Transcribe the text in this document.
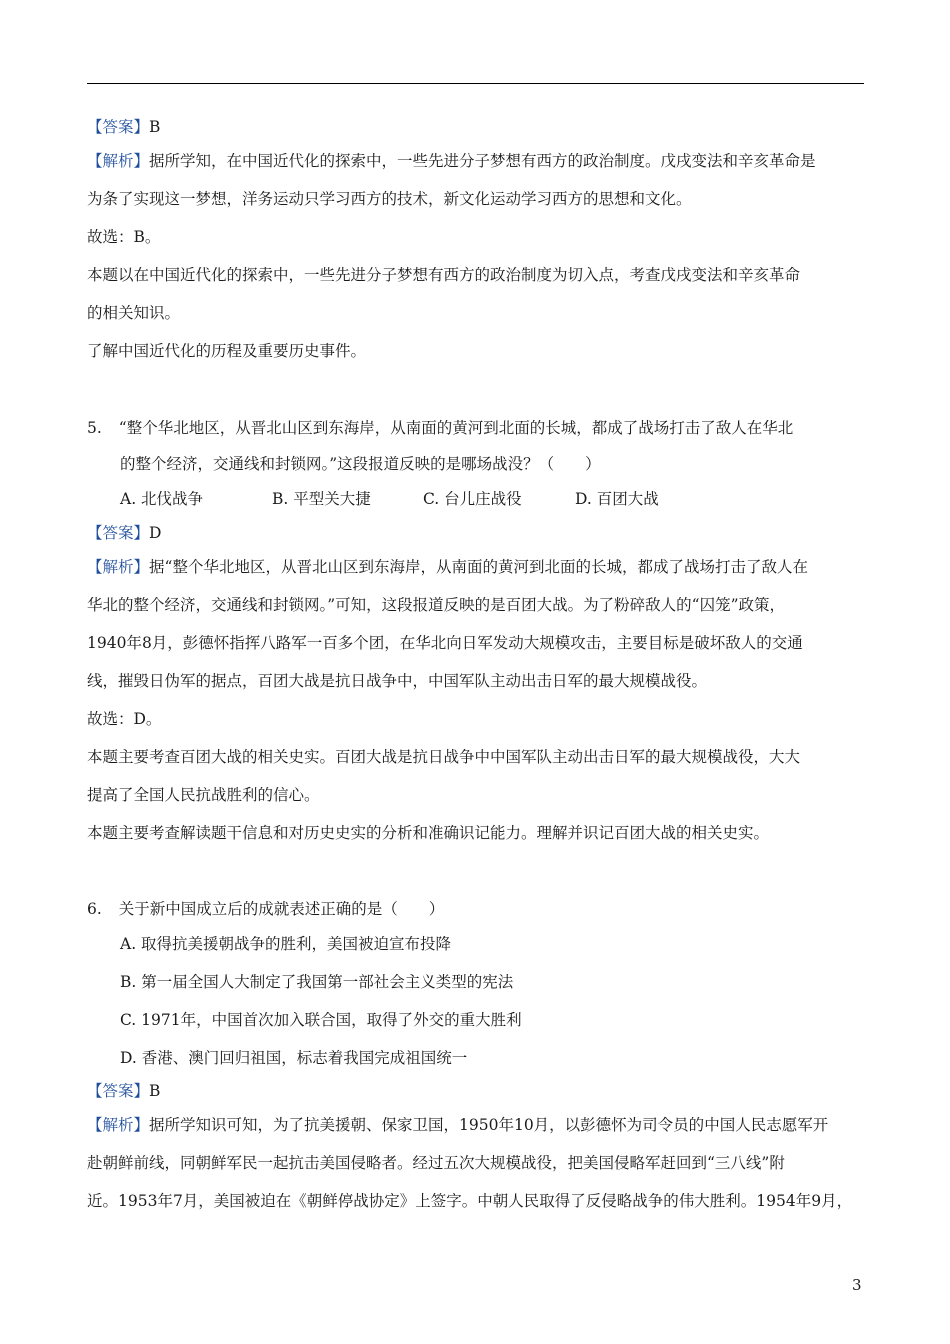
【答案】B
【解析】据所学知，在中国近代化的探索中，一些先进分子梦想有西方的政治制度。戊戌变法和辛亥革命是
为条了实现这一梦想，洋务运动只学习西方的技术，新文化运动学习西方的思想和文化。
故选：B。
本题以在中国近代化的探索中，一些先进分子梦想有西方的政治制度为切入点，考查戊戌变法和辛亥革命
的相关知识。
了解中国近代化的历程及重要历史事件。
5. “整个华北地区，从晋北山区到东海岸，从南面的黄河到北面的长城，都成了战场打击了敌人在华北
的整个经济，交通线和封锁网。”这段报道反映的是哪场战没？（　　）
A. 北伐战争	B. 平型关大捷	C. 台儿庄战役	D. 百团大战
【答案】D
【解析】据“整个华北地区，从晋北山区到东海岸，从南面的黄河到北面的长城，都成了战场打击了敌人在
华北的整个经济，交通线和封锁网。”可知，这段报道反映的是百团大战。为了粉碎敌人的“囚笼”政策，
1940年8月，彭德怀指挥八路军一百多个团，在华北向日军发动大规模攻击，主要目标是破坏敌人的交通
线，摧毁日伪军的据点，百团大战是抗日战争中，中国军队主动出击日军的最大规模战役。
故选：D。
本题主要考查百团大战的相关史实。百团大战是抗日战争中中国军队主动出击日军的最大规模战役，大大
提高了全国人民抗战胜利的信心。
本题主要考查解读题干信息和对历史史实的分析和准确识记能力。理解并识记百团大战的相关史实。
6. 关于新中国成立后的成就表述正确的是（　　）
A. 取得抗美援朝战争的胜利，美国被迫宣布投降
B. 第一届全国人大制定了我国第一部社会主义类型的宪法
C. 1971年，中国首次加入联合国，取得了外交的重大胜利
D. 香港、澳门回归祖国，标志着我国完成祖国统一
【答案】B
【解析】据所学知识可知，为了抗美援朝、保家卫国，1950年10月，以彭德怀为司令员的中国人民志愿军开
赴朝鲜前线，同朝鲜军民一起抗击美国侵略者。经过五次大规模战役，把美国侵略军赶回到“三八线”附
近。1953年7月，美国被迫在《朝鲜停战协定》上签字。中朝人民取得了反侵略战争的伟大胜利。1954年9月，
3
